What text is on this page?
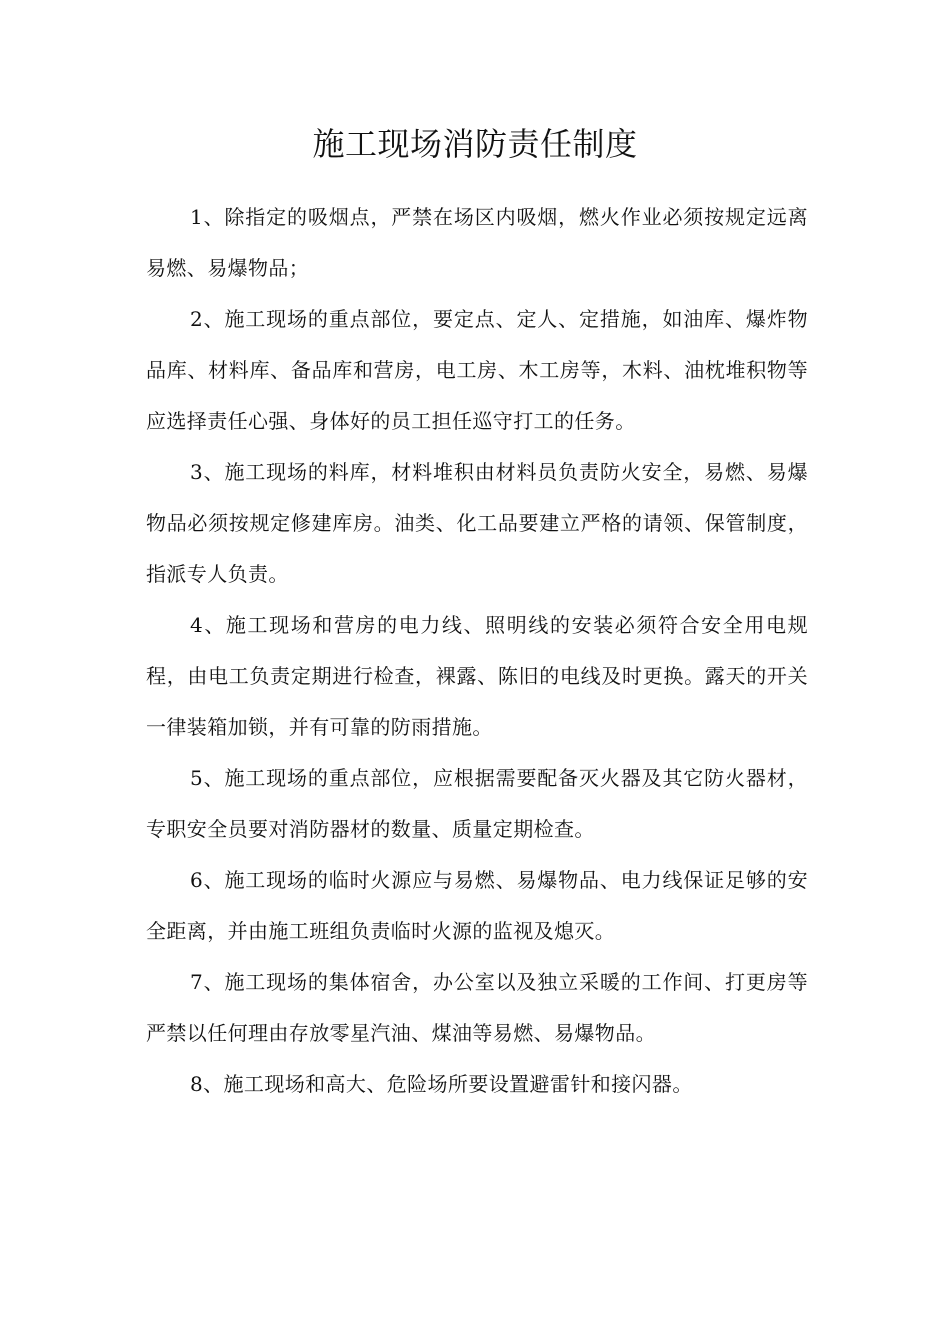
施工现场消防责任制度

1、除指定的吸烟点，严禁在场区内吸烟，燃火作业必须按规定远离易燃、易爆物品；

2、施工现场的重点部位，要定点、定人、定措施，如油库、爆炸物品库、材料库、备品库和营房，电工房、木工房等，木料、油枕堆积物等应选择责任心强、身体好的员工担任巡守打工的任务。

3、施工现场的料库，材料堆积由材料员负责防火安全，易燃、易爆物品必须按规定修建库房。油类、化工品要建立严格的请领、保管制度，指派专人负责。

4、施工现场和营房的电力线、照明线的安装必须符合安全用电规程，由电工负责定期进行检查，裸露、陈旧的电线及时更换。露天的开关一律装箱加锁，并有可靠的防雨措施。

5、施工现场的重点部位，应根据需要配备灭火器及其它防火器材，专职安全员要对消防器材的数量、质量定期检查。

6、施工现场的临时火源应与易燃、易爆物品、电力线保证足够的安全距离，并由施工班组负责临时火源的监视及熄灭。

7、施工现场的集体宿舍，办公室以及独立采暖的工作间、打更房等严禁以任何理由存放零星汽油、煤油等易燃、易爆物品。

8、施工现场和高大、危险场所要设置避雷针和接闪器。
